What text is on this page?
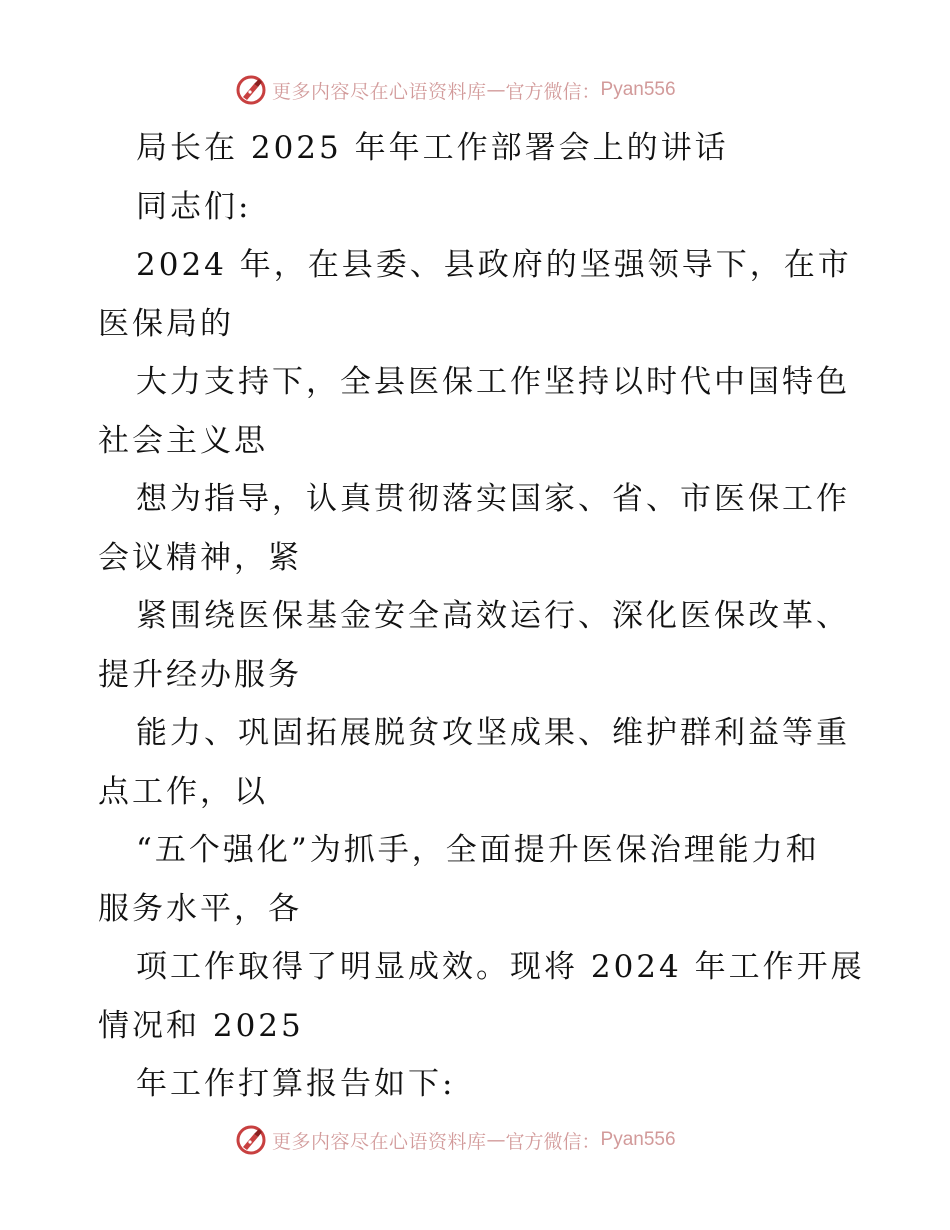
更多内容尽在心语资料库 — 官方微信： Pyan556
局长在 2025 年年工作部署会上的讲话
同志们:
2024 年，在县委、县政府的坚强领导下，在市
医保局的
大力支持下，全县医保工作坚持以时代中国特色
社会主义思
想为指导，认真贯彻落实国家、省、市医保工作
会议精神，紧
紧围绕医保基金安全高效运行、深化医保改革、
提升经办服务
能力、巩固拓展脱贫攻坚成果、维护群利益等重
点工作，以
“五个强化”为抓手，全面提升医保治理能力和
服务水平，各
项工作取得了明显成效。现将 2024 年工作开展
情况和 2025
年工作打算报告如下:
更多内容尽在心语资料库 — 官方微信： Pyan556
